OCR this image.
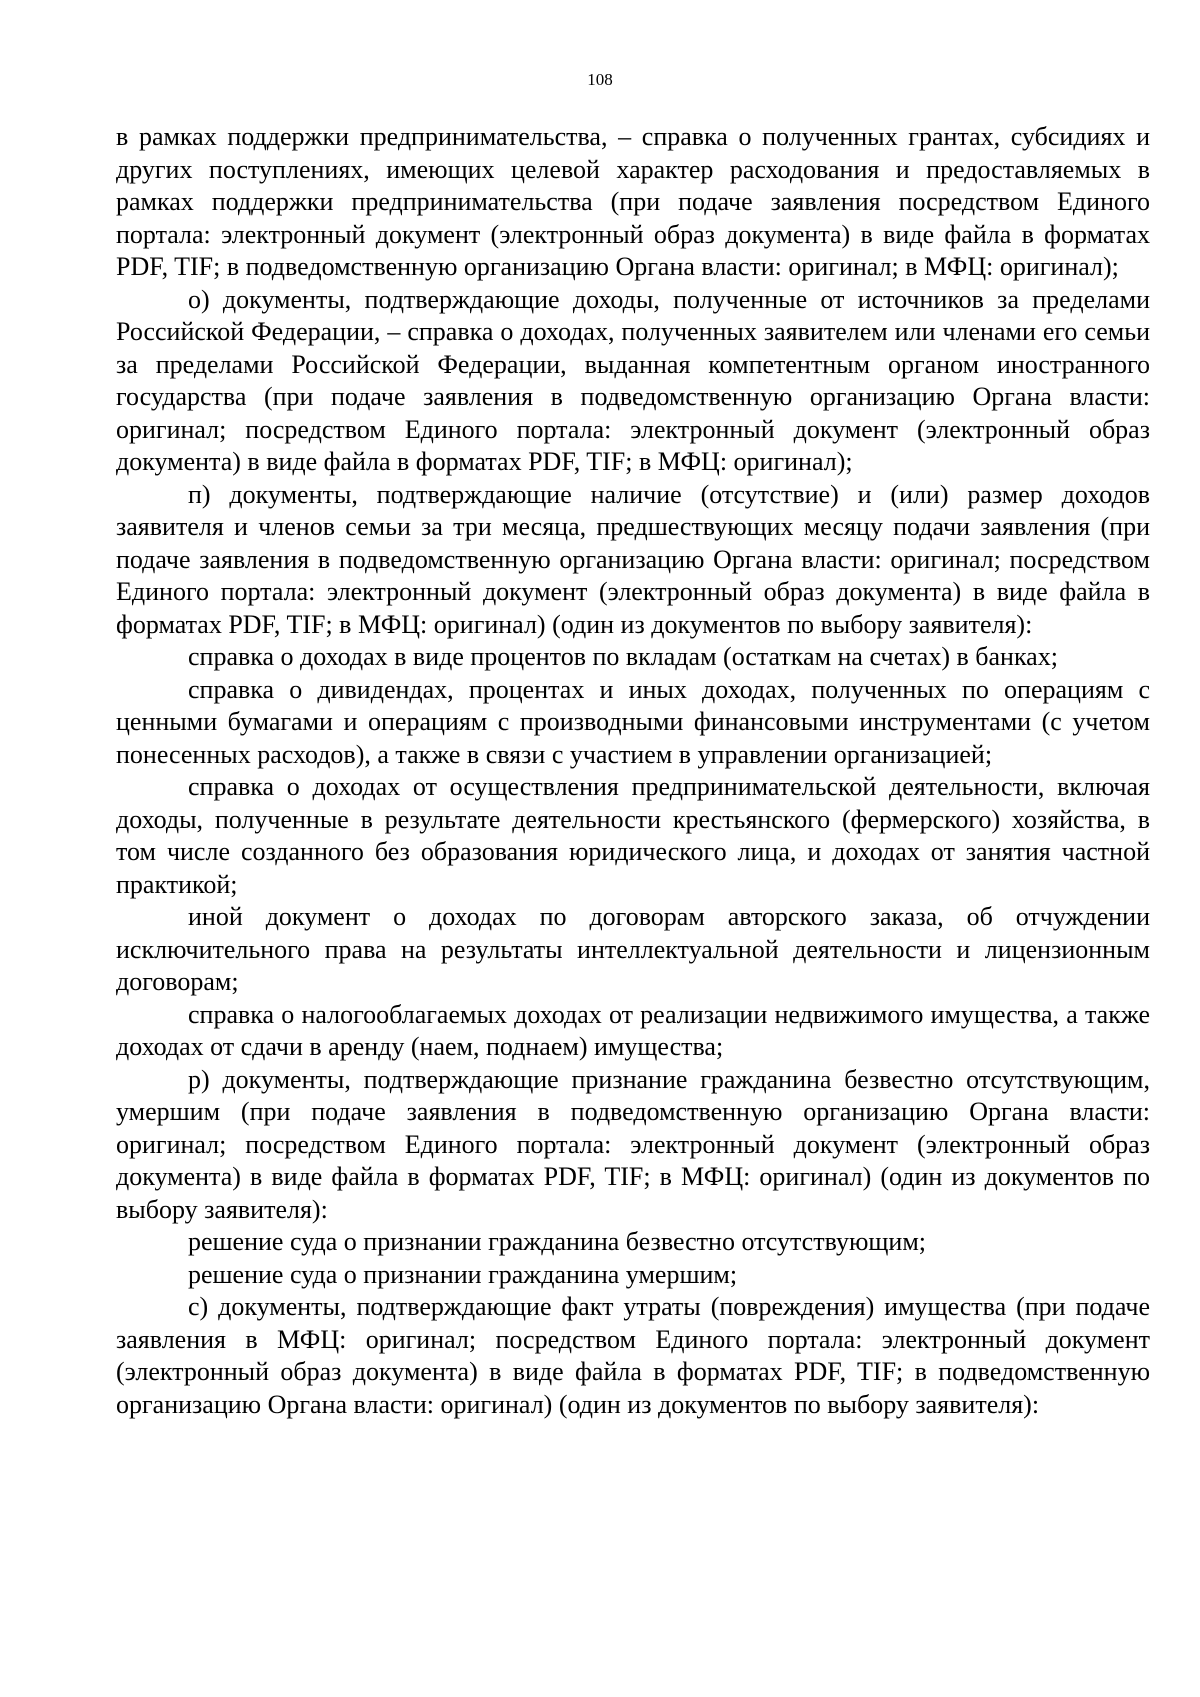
108

в рамках поддержки предпринимательства, – справка о полученных грантах, субсидиях и других поступлениях, имеющих целевой характер расходования и предоставляемых в рамках поддержки предпринимательства (при подаче заявления посредством Единого портала: электронный документ (электронный образ документа) в виде файла в форматах PDF, TIF; в подведомственную организацию Органа власти: оригинал; в МФЦ: оригинал);

о) документы, подтверждающие доходы, полученные от источников за пределами Российской Федерации, – справка о доходах, полученных заявителем или членами его семьи за пределами Российской Федерации, выданная компетентным органом иностранного государства (при подаче заявления в подведомственную организацию Органа власти: оригинал; посредством Единого портала: электронный документ (электронный образ документа) в виде файла в форматах PDF, TIF; в МФЦ: оригинал);

п) документы, подтверждающие наличие (отсутствие) и (или) размер доходов заявителя и членов семьи за три месяца, предшествующих месяцу подачи заявления (при подаче заявления в подведомственную организацию Органа власти: оригинал; посредством Единого портала: электронный документ (электронный образ документа) в виде файла в форматах PDF, TIF; в МФЦ: оригинал) (один из документов по выбору заявителя):

справка о доходах в виде процентов по вкладам (остаткам на счетах) в банках;

справка о дивидендах, процентах и иных доходах, полученных по операциям с ценными бумагами и операциям с производными финансовыми инструментами (с учетом понесенных расходов), а также в связи с участием в управлении организацией;

справка о доходах от осуществления предпринимательской деятельности, включая доходы, полученные в результате деятельности крестьянского (фермерского) хозяйства, в том числе созданного без образования юридического лица, и доходах от занятия частной практикой;

иной документ о доходах по договорам авторского заказа, об отчуждении исключительного права на результаты интеллектуальной деятельности и лицензионным договорам;

справка о налогооблагаемых доходах от реализации недвижимого имущества, а также доходах от сдачи в аренду (наем, поднаем) имущества;

р) документы, подтверждающие признание гражданина безвестно отсутствующим, умершим (при подаче заявления в подведомственную организацию Органа власти: оригинал; посредством Единого портала: электронный документ (электронный образ документа) в виде файла в форматах PDF, TIF; в МФЦ: оригинал) (один из документов по выбору заявителя):

решение суда о признании гражданина безвестно отсутствующим;

решение суда о признании гражданина умершим;

с) документы, подтверждающие факт утраты (повреждения) имущества (при подаче заявления в МФЦ: оригинал; посредством Единого портала: электронный документ (электронный образ документа) в виде файла в форматах PDF, TIF; в подведомственную организацию Органа власти: оригинал) (один из документов по выбору заявителя):
